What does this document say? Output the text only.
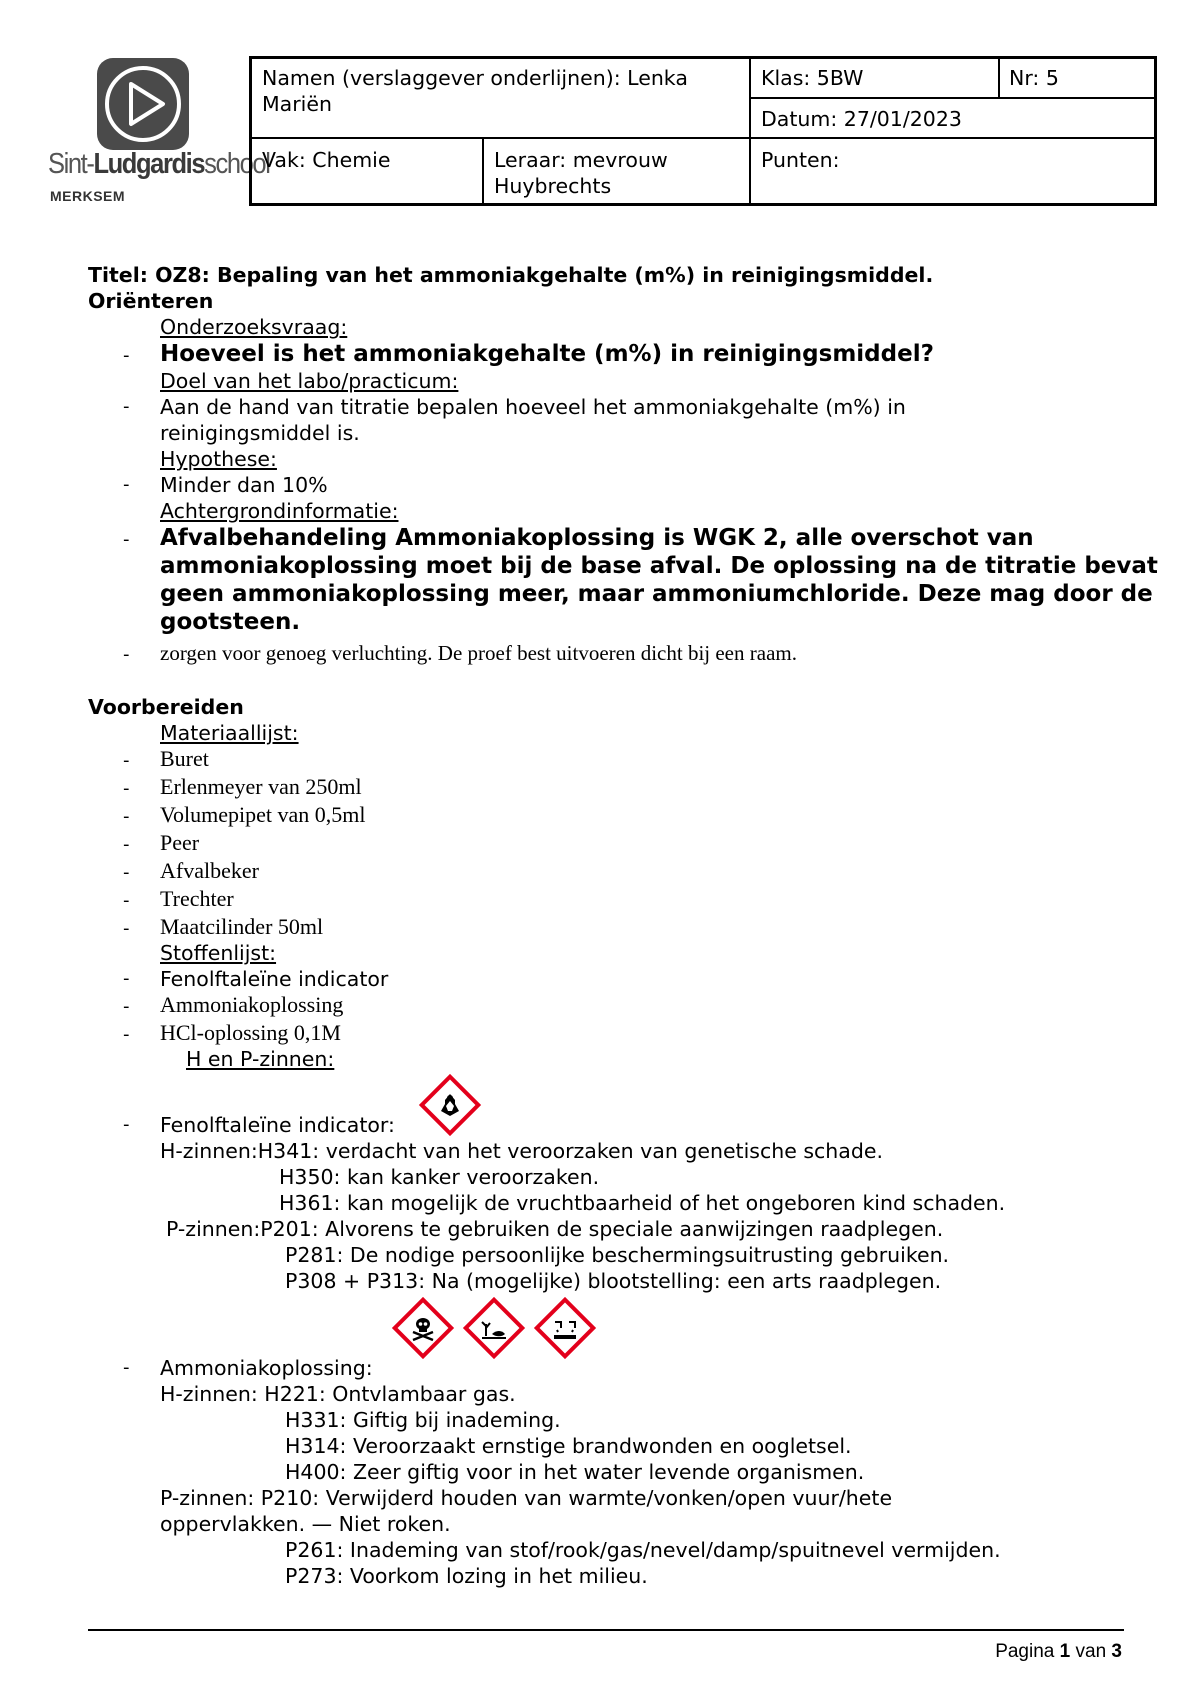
Sint-Ludgardisschool
MERKSEM
Namen (verslaggever onderlijnen): Lenka
Mariën
Klas: 5BW	Nr: 5
Datum: 27/01/2023
Vak: Chemie	Leraar: mevrouw
Huybrechts
Punten:
Titel: OZ8: Bepaling van het ammoniakgehalte (m%) in reinigingsmiddel.
Oriënteren
Onderzoeksvraag:
- Hoeveel is het ammoniakgehalte (m%) in reinigingsmiddel?
Doel van het labo/practicum:
- Aan de hand van titratie bepalen hoeveel het ammoniakgehalte (m%) in
reinigingsmiddel is.
Hypothese:
- Minder dan 10%
Achtergrondinformatie:
- Afvalbehandeling Ammoniakoplossing is WGK 2, alle overschot van
ammoniakoplossing moet bij de base afval. De oplossing na de titratie bevat
geen ammoniakoplossing meer, maar ammoniumchloride. Deze mag door de
gootsteen.
- zorgen voor genoeg verluchting. De proef best uitvoeren dicht bij een raam.
Voorbereiden
Materiaallijst:
- Buret
- Erlenmeyer van 250ml
- Volumepipet van 0,5ml
- Peer
- Afvalbeker
- Trechter
- Maatcilinder 50ml
Stoffenlijst:
- Fenolftaleïne indicator
- Ammoniakoplossing
- HCl-oplossing 0,1M
H en P-zinnen:
- Fenolftaleïne indicator:
H-zinnen:H341: verdacht van het veroorzaken van genetische schade.
H350: kan kanker veroorzaken.
H361: kan mogelijk de vruchtbaarheid of het ongeboren kind schaden.
P-zinnen:P201: Alvorens te gebruiken de speciale aanwijzingen raadplegen.
P281: De nodige persoonlijke beschermingsuitrusting gebruiken.
P308 + P313: Na (mogelijke) blootstelling: een arts raadplegen.
- Ammoniakoplossing:
H-zinnen: H221: Ontvlambaar gas.
H331: Giftig bij inademing.
H314: Veroorzaakt ernstige brandwonden en oogletsel.
H400: Zeer giftig voor in het water levende organismen.
P-zinnen: P210: Verwijderd houden van warmte/vonken/open vuur/hete
oppervlakken. — Niet roken.
P261: Inademing van stof/rook/gas/nevel/damp/spuitnevel vermijden.
P273: Voorkom lozing in het milieu.
Pagina 1 van 3
